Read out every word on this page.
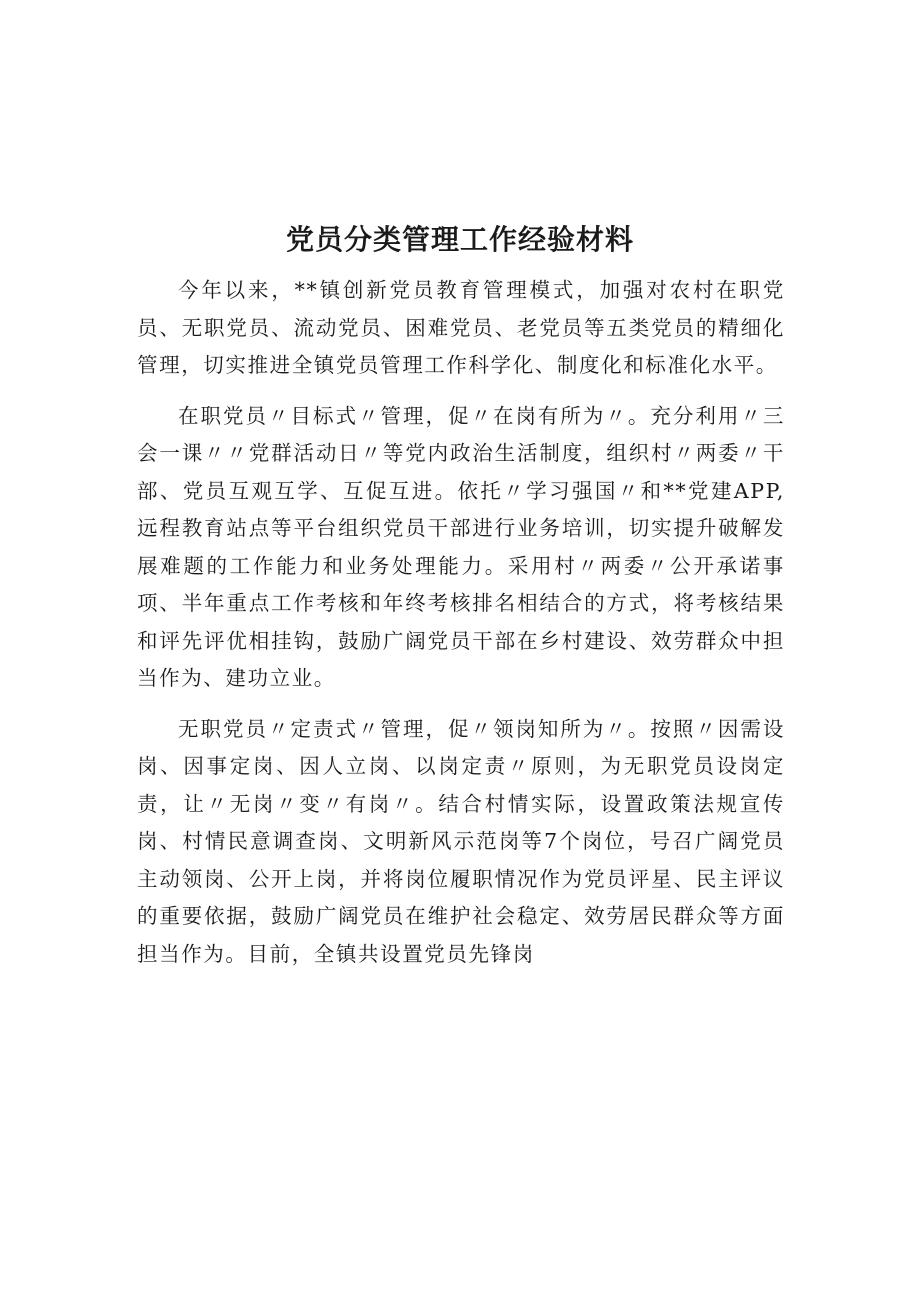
党员分类管理工作经验材料

今年以来，**镇创新党员教育管理模式，加强对农村在职党员、无职党员、流动党员、困难党员、老党员等五类党员的精细化管理，切实推进全镇党员管理工作科学化、制度化和标准化水平。

在职党员〃目标式〃管理，促〃在岗有所为〃。充分利用〃三会一课〃〃党群活动日〃等党内政治生活制度，组织村〃两委〃干部、党员互观互学、互促互进。依托〃学习强国〃和**党建APP,远程教育站点等平台组织党员干部进行业务培训，切实提升破解发展难题的工作能力和业务处理能力。采用村〃两委〃公开承诺事项、半年重点工作考核和年终考核排名相结合的方式，将考核结果和评先评优相挂钩，鼓励广阔党员干部在乡村建设、效劳群众中担当作为、建功立业。

无职党员〃定责式〃管理，促〃领岗知所为〃。按照〃因需设岗、因事定岗、因人立岗、以岗定责〃原则，为无职党员设岗定责，让〃无岗〃变〃有岗〃。结合村情实际，设置政策法规宣传岗、村情民意调查岗、文明新风示范岗等7个岗位，号召广阔党员主动领岗、公开上岗，并将岗位履职情况作为党员评星、民主评议的重要依据，鼓励广阔党员在维护社会稳定、效劳居民群众等方面担当作为。目前，全镇共设置党员先锋岗
